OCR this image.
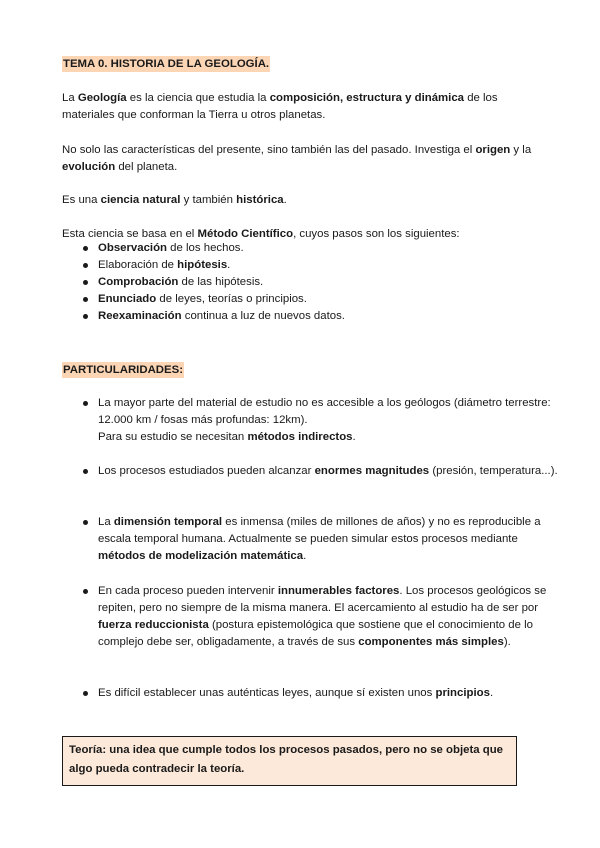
TEMA 0. HISTORIA DE LA GEOLOGÍA.

La Geología es la ciencia que estudia la composición, estructura y dinámica de los materiales que conforman la Tierra u otros planetas.

No solo las características del presente, sino también las del pasado. Investiga el origen y la evolución del planeta.

Es una ciencia natural y también histórica.

Esta ciencia se basa en el Método Científico, cuyos pasos son los siguientes:

Observación de los hechos.
Elaboración de hipótesis.
Comprobación de las hipótesis.
Enunciado de leyes, teorías o principios.
Reexaminación continua a luz de nuevos datos.
PARTICULARIDADES:
La mayor parte del material de estudio no es accesible a los geólogos (diámetro terrestre: 12.000 km / fosas más profundas: 12km).
Para su estudio se necesitan métodos indirectos.
Los procesos estudiados pueden alcanzar enormes magnitudes (presión, temperatura...).
La dimensión temporal es inmensa (miles de millones de años) y no es reproducible a escala temporal humana. Actualmente se pueden simular estos procesos mediante métodos de modelización matemática.
En cada proceso pueden intervenir innumerables factores. Los procesos geológicos se repiten, pero no siempre de la misma manera. El acercamiento al estudio ha de ser por fuerza reduccionista (postura epistemológica que sostiene que el conocimiento de lo complejo debe ser, obligadamente, a través de sus componentes más simples).
Es difícil establecer unas auténticas leyes, aunque sí existen unos principios.
Teoría: una idea que cumple todos los procesos pasados, pero no se objeta que algo pueda contradecir la teoría.
